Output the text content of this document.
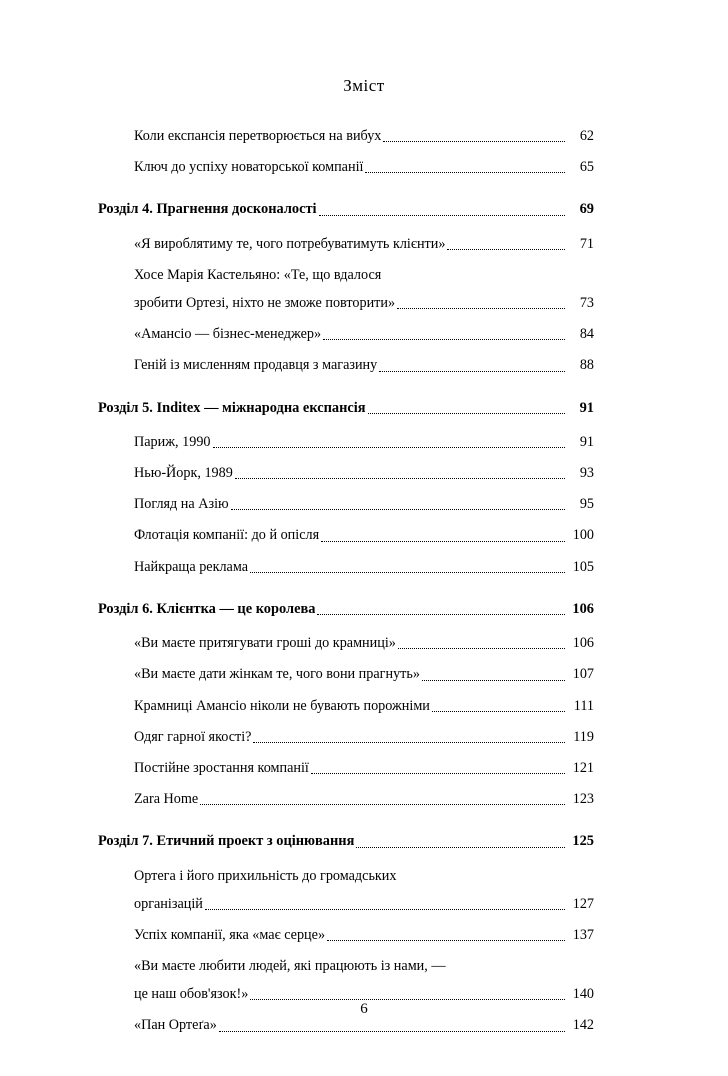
Зміст
Коли експансія перетворюється на вибух	62
Ключ до успіху новаторської компанії	65
Розділ 4. Прагнення досконалості	69
«Я вироблятиму те, чого потребуватимуть клієнти»	71
Хосе Марія Кастельяно: «Те, що вдалося
зробити Ортезі, ніхто не зможе повторити»	73
«Амансіо — бізнес-менеджер»	84
Геній із мисленням продавця з магазину	88
Розділ 5. Inditex — міжнародна експансія	91
Париж, 1990	91
Нью-Йорк, 1989	93
Погляд на Азію	95
Флотація компанії: до й опісля	100
Найкраща реклама	105
Розділ 6. Клієнтка — це королева	106
«Ви маєте притягувати гроші до крамниці»	106
«Ви маєте дати жінкам те, чого вони прагнуть»	107
Крамниці Амансіо ніколи не бувають порожніми	111
Одяг гарної якості?	119
Постійне зростання компанії	121
Zara Home	123
Розділ 7. Етичний проект з оцінювання	125
Ортега і його прихильність до громадських
організацій	127
Успіх компанії, яка «має серце»	137
«Ви маєте любити людей, які працюють із нами, —
це наш обов'язок!»	140
«Пан Ортеґа»	142
6
